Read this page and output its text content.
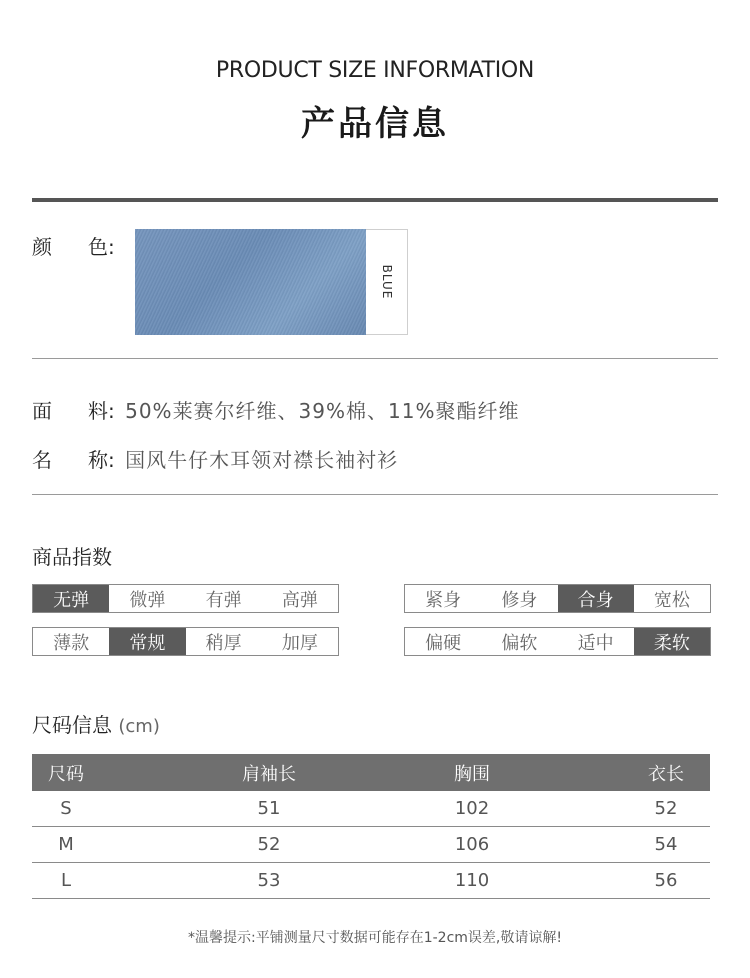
PRODUCT SIZE INFORMATION
产品信息
颜 色:
BLUE
面 料: 50%莱赛尔纤维、39%棉、11%聚酯纤维
名 称: 国风牛仔木耳领对襟长袖衬衫
商品指数
无弹	微弹	有弹	高弹	紧身	修身	合身	宽松
薄款	常规	稍厚	加厚	偏硬	偏软	适中	柔软
尺码信息 (cm)
尺码	肩袖长	胸围	衣长
S	51	102	52
M	52	106	54
L	53	110	56
*温馨提示:平铺测量尺寸数据可能存在1-2cm误差,敬请谅解!
